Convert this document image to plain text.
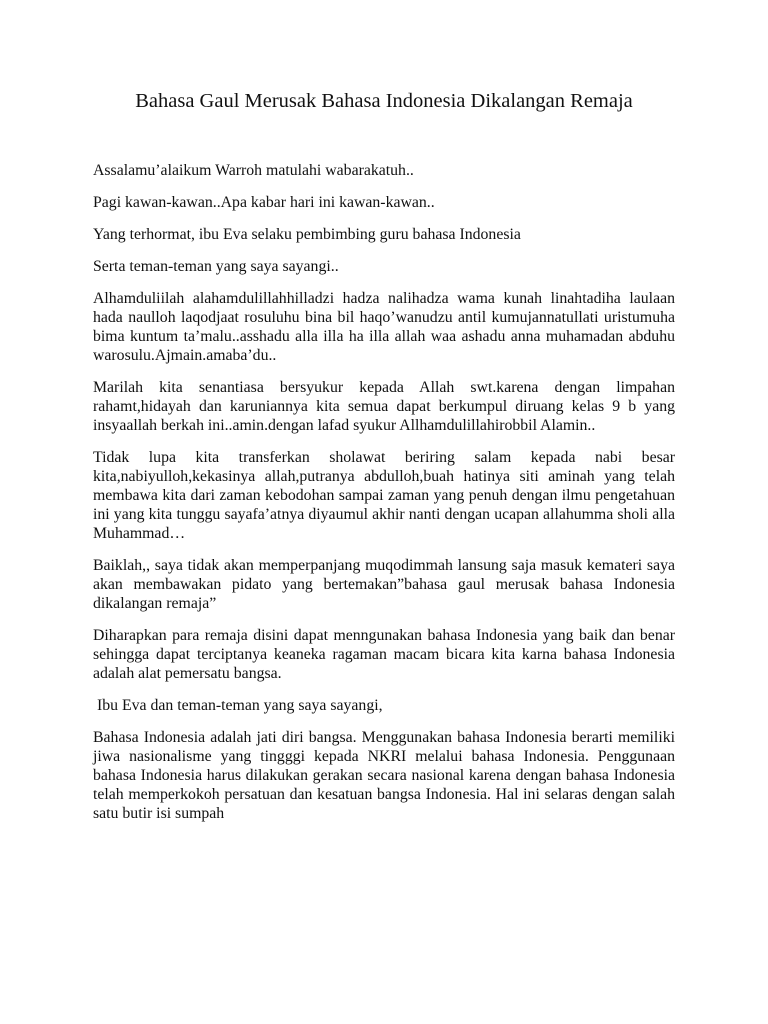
Bahasa Gaul Merusak Bahasa Indonesia Dikalangan Remaja

Assalamu’alaikum Warroh matulahi wabarakatuh..

Pagi kawan-kawan..Apa kabar hari ini kawan-kawan..

Yang terhormat, ibu Eva selaku pembimbing guru bahasa Indonesia

Serta teman-teman yang saya sayangi..

Alhamduliilah alahamdulillahhilladzi hadza nalihadza wama kunah linahtadiha laulaan hada naulloh laqodjaat rosuluhu bina bil haqo’wanudzu antil kumujannatullati uristumuha bima kuntum ta’malu..asshadu alla illa ha illa allah waa ashadu anna muhamadan abduhu warosulu.Ajmain.amaba’du..

Marilah kita senantiasa bersyukur kepada Allah swt.karena dengan limpahan rahamt,hidayah dan karuniannya kita semua dapat berkumpul diruang kelas 9 b yang insyaallah berkah ini..amin.dengan lafad syukur Allhamdulillahirobbil Alamin..

Tidak lupa kita transferkan sholawat beriring salam kepada nabi besar kita,nabiyulloh,kekasinya allah,putranya abdulloh,buah hatinya siti aminah yang telah membawa kita dari zaman kebodohan sampai zaman yang penuh dengan ilmu pengetahuan ini yang kita tunggu sayafa’atnya diyaumul akhir nanti dengan ucapan allahumma sholi alla Muhammad…

Baiklah,, saya tidak akan memperpanjang muqodimmah lansung saja masuk kemateri saya akan membawakan pidato yang bertemakan”bahasa gaul merusak bahasa Indonesia dikalangan remaja”

Diharapkan para remaja disini dapat menngunakan bahasa Indonesia yang baik dan benar sehingga dapat terciptanya keaneka ragaman macam bicara kita karna bahasa Indonesia adalah alat pemersatu bangsa.

Ibu Eva dan teman-teman yang saya sayangi,

Bahasa Indonesia adalah jati diri bangsa. Menggunakan bahasa Indonesia berarti memiliki jiwa nasionalisme yang tingggi kepada NKRI melalui bahasa Indonesia. Penggunaan bahasa Indonesia harus dilakukan gerakan secara nasional karena dengan bahasa Indonesia telah memperkokoh persatuan dan kesatuan bangsa Indonesia. Hal ini selaras dengan salah satu butir isi sumpah
